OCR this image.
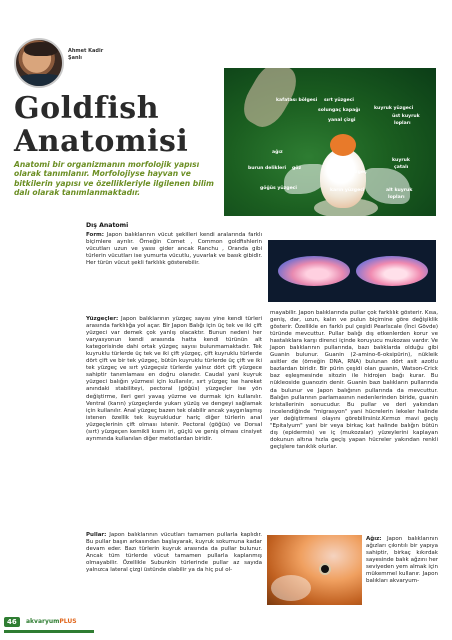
Ahmet Kadir
Şanlı
Goldfish
Anatomisi
Anatomi bir organizmanın morfolojik yapısı olarak tanımlanır. Morfolojiyse hayvan ve bitkilerin yapısı ve özellikleriyle ilgilenen bilim dalı olarak tanımlanmaktadır.
kafatası bölgesi sırt yüzgeci
solungaç kapağı
yanal çizgi
kuyruk yüzgeci
üst kuyruk
lopları
ağız
burun delikleri göz
anal yüzgeç
kuyruk
çatalı
göğüs yüzgeci	karın yüzgeci	alt kuyruk
lopları
Dış Anatomi

Form: Japon balıklarının vücut şekilleri kendi aralarında farklı biçimlere ayrılır. Örneğin Comet , Common goldfishlerin vücutları uzun ve yassı gider ancak Ranchu , Oranda gibi türlerin vücutları ise yumurta vücutlu, yuvarlak ve basık gibidir. Her türün vücut şekli farklılık gösterebilir.

Yüzgeçler: Japon balıklarının yüzgeç sayısı yine kendi türleri arasında farklılığa yol açar. Bir Japon Balığı için üç tek ve iki çift yüzgeci var demek çok yanlış olacaktır. Bunun nedeni her varyasyonun kendi arasında hatta kendi türünün alt kategorisinde dahi ortak yüzgeç sayısı bulunmamaktadır. Tek kuyruklu türlerde üç tek ve iki çift yüzgeç, çift kuyruklu türlerde dört çift ve bir tek yüzgeç, bütün kuyruklu türlerde üç çift ve iki tek yüzgeç ve sırt yüzgeçsiz türlerde yalnız dört çift yüzgece sahiptir tanımlaması en doğru olanıdır. Caudal yani kuyruk yüzgeci balığın yüzmesi için kullanılır, sırt yüzgeç ise hareket anındaki stabiliteyi, pectoral (göğüs) yüzgeçler ise yön değiştirme, ileri geri yavaş yüzme ve durmak için kullanılır. Ventral (karın) yüzgeçlerde yukarı yüzüş ve dengeyi sağlamak için kullanılır. Anal yüzgeç bazen tek olabilir ancak yaygınlaşmış istenen özellik tek kuyrukludur hariç diğer türlerin anal yüzgeçlerinin çift olması istenir. Pectoral (göğüs) ve Dorsal (sırt) yüzgeçen kemikli kısmı iri, güçlü ve geniş olması cinsiyet ayrımında kullanılan diğer metotlardan biridir.

Pullar: Japon balıklarının vücutları tamamen pullarla kaplıdır. Bu pullar başın arkasından başlayarak, kuyruk sokumuna kadar devam eder. Bazı türlerin kuyruk arasında da pullar bulunur. Ancak tüm türlerde vücut tamamen pullarla kaplanmış olmayabilir. Özellikle Subunkin türlerinde pullar az sayıda yalnızca lateral çizgi üstünde olabilir ya da hiç pul ol-

mayabilir. Japon balıklarında pullar çok farklılık gösterir. Kısa, geniş, dar, uzun, kalın ve pulun biçimine göre değişiklik gösterir. Özellikle en farklı pul çeşidi Pearlscale (İnci Gövde) türünde mevcuttur. Pullar balığı dış etkenlerden korur ve hastalıklara karşı direnci içinde koruyucu mukozası vardır. Ve Japon balıklarının pullarında, bazı balıklarda olduğu gibi Guanin bulunur. Guanin (2-amino-6-oksipürin), nükleik asitler de (örneğin DNA, RNA) bulunan dört asit azotlu bazlardan biridir. Bir pürin çeşidi olan guanin, Watson-Crick baz eşleşmesinde sitozin ile hidrojen bağı kurar. Bu nükleoside guanozin denir. Guanin bazı balıkların pullarında da bulunur ve Japon balığının pullarında da mevcuttur. Balığın pullarının parlamasının nedenlerinden biride, guanin kristallerinin sonucudur. Bu pullar ve deri yakından incelendiğinde "migrasyon" yani hücrelerin lekeler halinde yer değiştirmesi olayını görebilirsiniz.Kırmızı mavi geçiş "Epitalyum" yani bir veya birkaç kat halinde balığın bütün dış (epidermis) ve iç (mukozalar) yüzeylerini kaplayan dokunun altına hızla geçiş yapan hücreler yakından renkli geçişlere tanıklık olurlar.

Ağız: Japon balıklarının ağızları çıkıntılı bir yapıya sahiptir, birkaç kıkırdak sayesinde balık ağzını her seviyeden yem almak için mükemmel kullanır. Japon balıkları akvaryum-

46	akvaryumPLUS
